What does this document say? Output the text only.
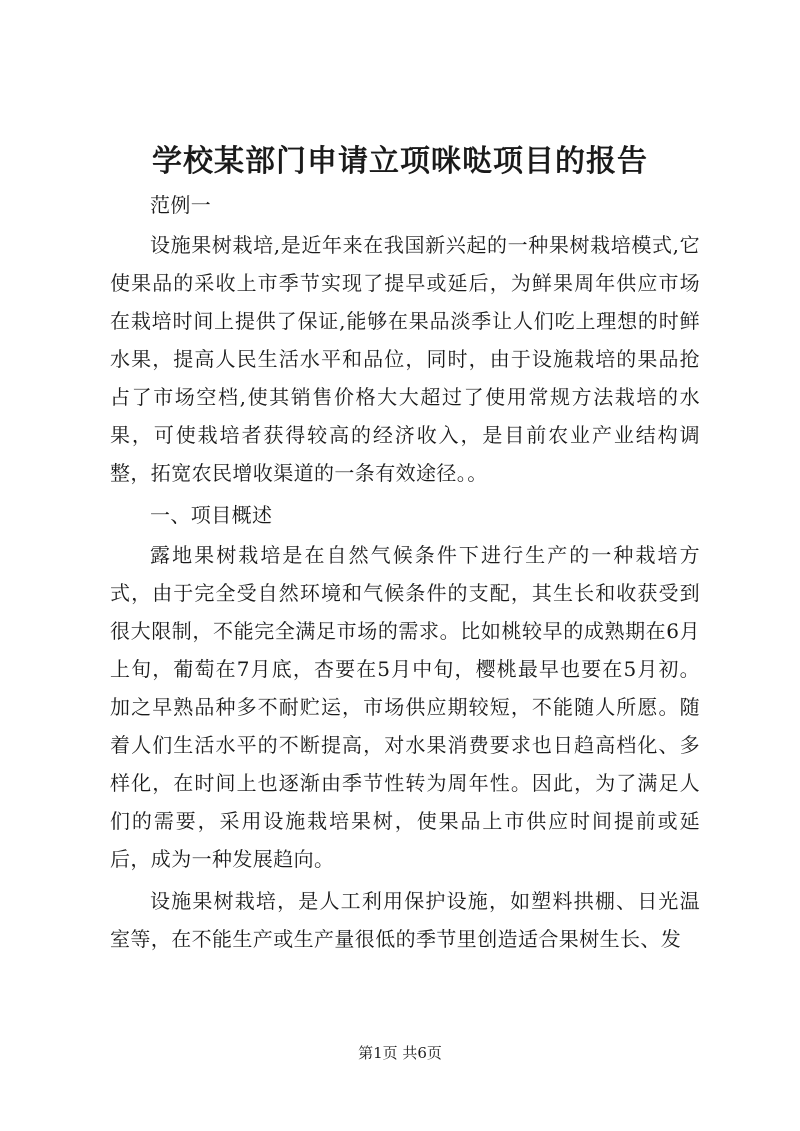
学校某部门申请立项咪哒项目的报告

范例一

设施果树栽培,是近年来在我国新兴起的一种果树栽培模式,它使果品的采收上市季节实现了提早或延后，为鲜果周年供应市场在栽培时间上提供了保证,能够在果品淡季让人们吃上理想的时鲜水果，提高人民生活水平和品位，同时，由于设施栽培的果品抢占了市场空档,使其销售价格大大超过了使用常规方法栽培的水果，可使栽培者获得较高的经济收入，是目前农业产业结构调整，拓宽农民增收渠道的一条有效途径。。

一、项目概述

露地果树栽培是在自然气候条件下进行生产的一种栽培方式，由于完全受自然环境和气候条件的支配，其生长和收获受到很大限制，不能完全满足市场的需求。比如桃较早的成熟期在6月上旬，葡萄在7月底，杏要在5月中旬，樱桃最早也要在5月初。加之早熟品种多不耐贮运，市场供应期较短，不能随人所愿。随着人们生活水平的不断提高，对水果消费要求也日趋高档化、多样化，在时间上也逐渐由季节性转为周年性。因此，为了满足人们的需要，采用设施栽培果树，使果品上市供应时间提前或延后，成为一种发展趋向。

设施果树栽培，是人工利用保护设施，如塑料拱棚、日光温室等，在不能生产或生产量很低的季节里创造适合果树生长、发

第1页 共6页
